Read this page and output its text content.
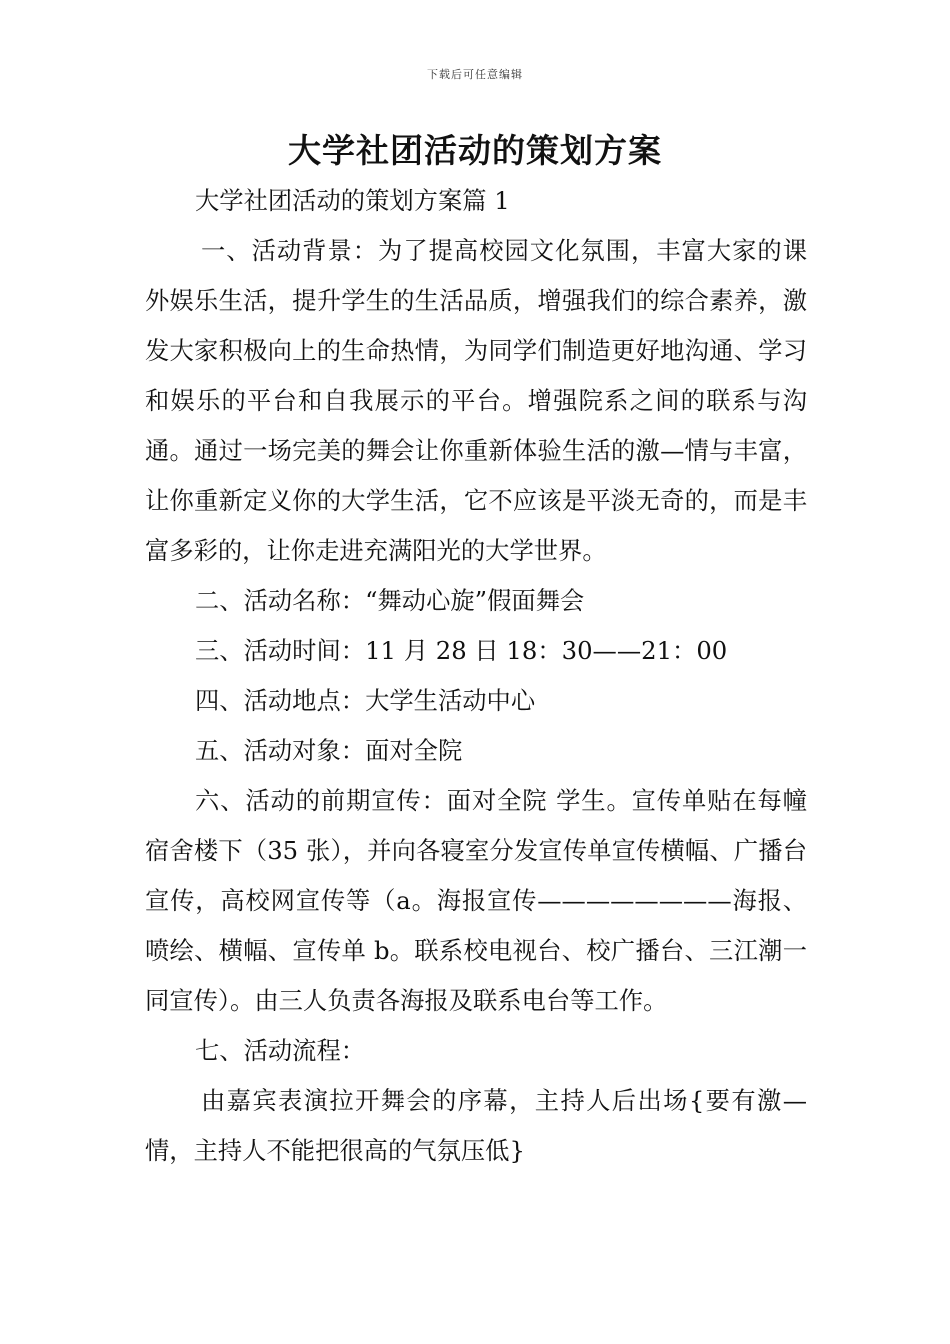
下载后可任意编辑
大学社团活动的策划方案

大学社团活动的策划方案篇 1

一、活动背景：为了提高校园文化氛围，丰富大家的课外娱乐生活，提升学生的生活品质，增强我们的综合素养，激发大家积极向上的生命热情，为同学们制造更好地沟通、学习和娱乐的平台和自我展示的平台。增强院系之间的联系与沟通。通过一场完美的舞会让你重新体验生活的激—情与丰富，让你重新定义你的大学生活，它不应该是平淡无奇的，而是丰富多彩的，让你走进充满阳光的大学世界。

二、活动名称：“舞动心旋”假面舞会

三、活动时间：11 月 28 日 18：30——21：00

四、活动地点：大学生活动中心

五、活动对象：面对全院

六、活动的前期宣传：面对全院 学生。宣传单贴在每幢宿舍楼下（35 张），并向各寝室分发宣传单宣传横幅、广播台宣传，高校网宣传等（a。海报宣传————————海报、喷绘、横幅、宣传单 b。联系校电视台、校广播台、三江潮一同宣传）。由三人负责各海报及联系电台等工作。

七、活动流程：

由嘉宾表演拉开舞会的序幕，主持人后出场{要有激—情，主持人不能把很高的气氛压低}
